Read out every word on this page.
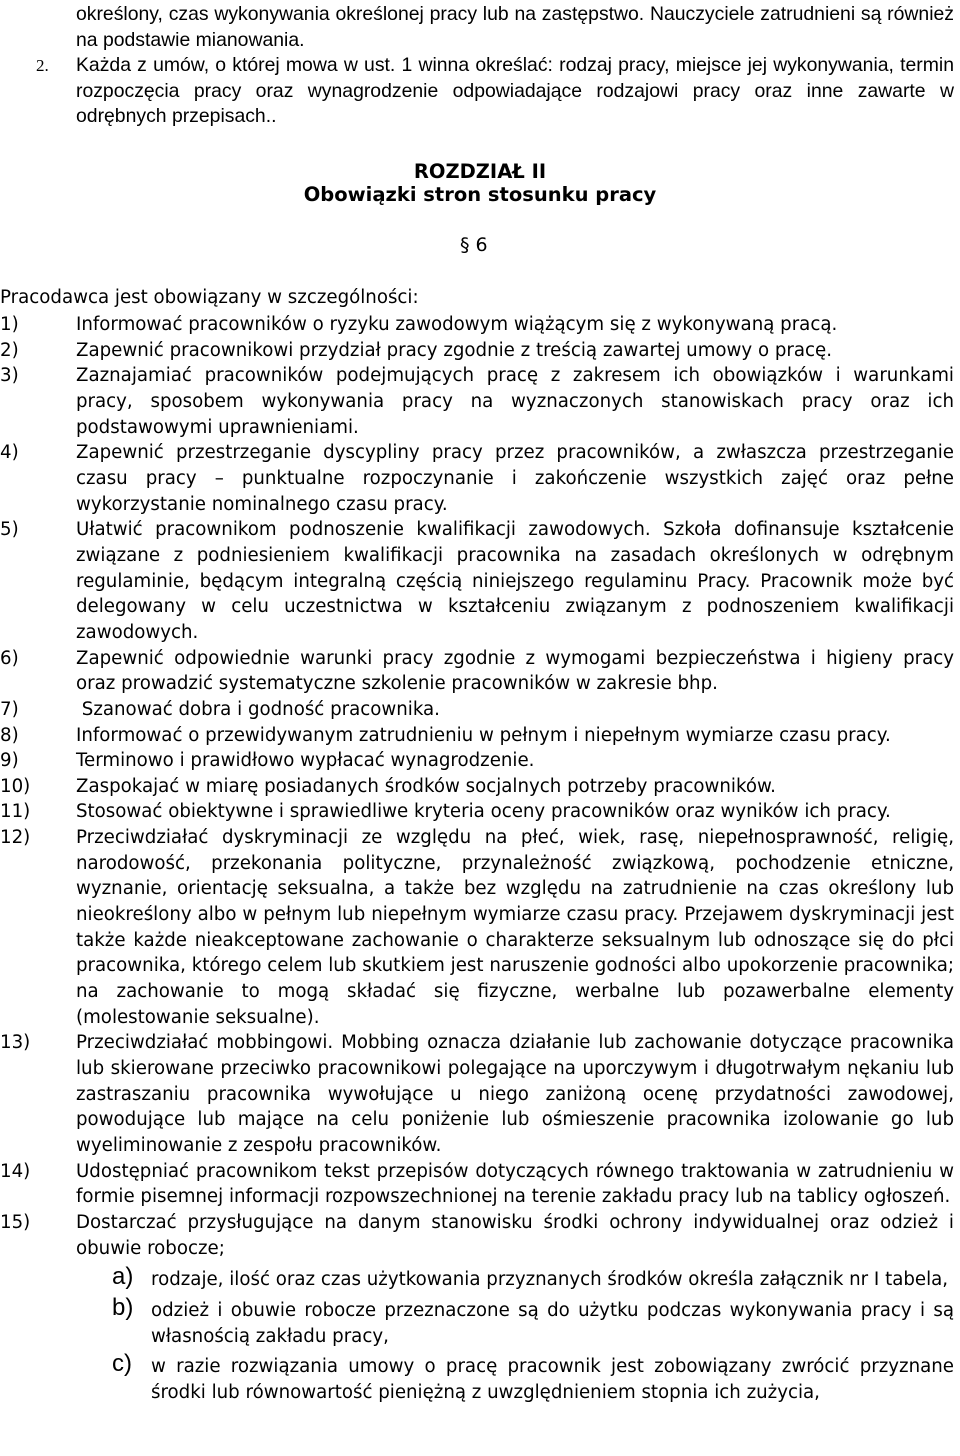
określony, czas wykonywania określonej pracy lub na zastępstwo. Nauczyciele zatrudnieni są również na podstawie mianowania.

2. Każda z umów, o której mowa w ust. 1 winna określać: rodzaj pracy, miejsce jej wykonywania, termin rozpoczęcia pracy oraz wynagrodzenie odpowiadające rodzajowi pracy oraz inne zawarte w odrębnych przepisach..

ROZDZIAŁ II
Obowiązki stron stosunku pracy
§ 6
Pracodawca jest obowiązany w szczególności:
1)	Informować pracowników o ryzyku zawodowym wiążącym się z wykonywaną pracą.
2)	Zapewnić pracownikowi przydział pracy zgodnie z treścią zawartej umowy o pracę.
3)	Zaznajamiać pracowników podejmujących pracę z zakresem ich obowiązków i warunkami pracy, sposobem wykonywania pracy na wyznaczonych stanowiskach pracy oraz ich podstawowymi uprawnieniami.
4)	Zapewnić przestrzeganie dyscypliny pracy przez pracowników, a zwłaszcza przestrzeganie czasu pracy – punktualne rozpoczynanie i zakończenie wszystkich zajęć oraz pełne wykorzystanie nominalnego czasu pracy.
5)	Ułatwić pracownikom podnoszenie kwalifikacji zawodowych. Szkoła dofinansuje kształcenie związane z podniesieniem kwalifikacji pracownika na zasadach określonych w odrębnym regulaminie, będącym integralną częścią niniejszego regulaminu Pracy. Pracownik może być delegowany w celu uczestnictwa w kształceniu związanym z podnoszeniem kwalifikacji zawodowych.
6)	Zapewnić odpowiednie warunki pracy zgodnie z wymogami bezpieczeństwa i higieny pracy oraz prowadzić systematyczne szkolenie pracowników w zakresie bhp.
7)	Szanować dobra i godność pracownika.
8)	Informować o przewidywanym zatrudnieniu w pełnym i niepełnym wymiarze czasu pracy.
9)	Terminowo i prawidłowo wypłacać wynagrodzenie.
10)	Zaspokajać w miarę posiadanych środków socjalnych potrzeby pracowników.
11)	Stosować obiektywne i sprawiedliwe kryteria oceny pracowników oraz wyników ich pracy.
12)	Przeciwdziałać dyskryminacji ze względu na płeć, wiek, rasę, niepełnosprawność, religię, narodowość, przekonania polityczne, przynależność związkową, pochodzenie etniczne, wyznanie, orientację seksualna, a także bez względu na zatrudnienie na czas określony lub nieokreślony albo w pełnym lub niepełnym wymiarze czasu pracy. Przejawem dyskryminacji jest także każde nieakceptowane zachowanie o charakterze seksualnym lub odnoszące się do płci pracownika, którego celem lub skutkiem jest naruszenie godności albo upokorzenie pracownika; na zachowanie to mogą składać się fizyczne, werbalne lub pozawerbalne elementy (molestowanie seksualne).
13)	Przeciwdziałać mobbingowi. Mobbing oznacza działanie lub zachowanie dotyczące pracownika lub skierowane przeciwko pracownikowi polegające na uporczywym i długotrwałym nękaniu lub zastraszaniu pracownika wywołujące u niego zaniżoną ocenę przydatności zawodowej, powodujące lub mające na celu poniżenie lub ośmieszenie pracownika izolowanie go lub wyeliminowanie z zespołu pracowników.
14)	Udostępniać pracownikom tekst przepisów dotyczących równego traktowania w zatrudnieniu w formie pisemnej informacji rozpowszechnionej na terenie zakładu pracy lub na tablicy ogłoszeń.
15)	Dostarczać przysługujące na danym stanowisku środki ochrony indywidualnej oraz odzież i obuwie robocze;
a) rodzaje, ilość oraz czas użytkowania przyznanych środków określa załącznik nr I tabela,
b) odzież i obuwie robocze przeznaczone są do użytku podczas wykonywania pracy i są własnością zakładu pracy,
c) w razie rozwiązania umowy o pracę pracownik jest zobowiązany zwrócić przyznane środki lub równowartość pieniężną z uwzględnieniem stopnia ich zużycia,
